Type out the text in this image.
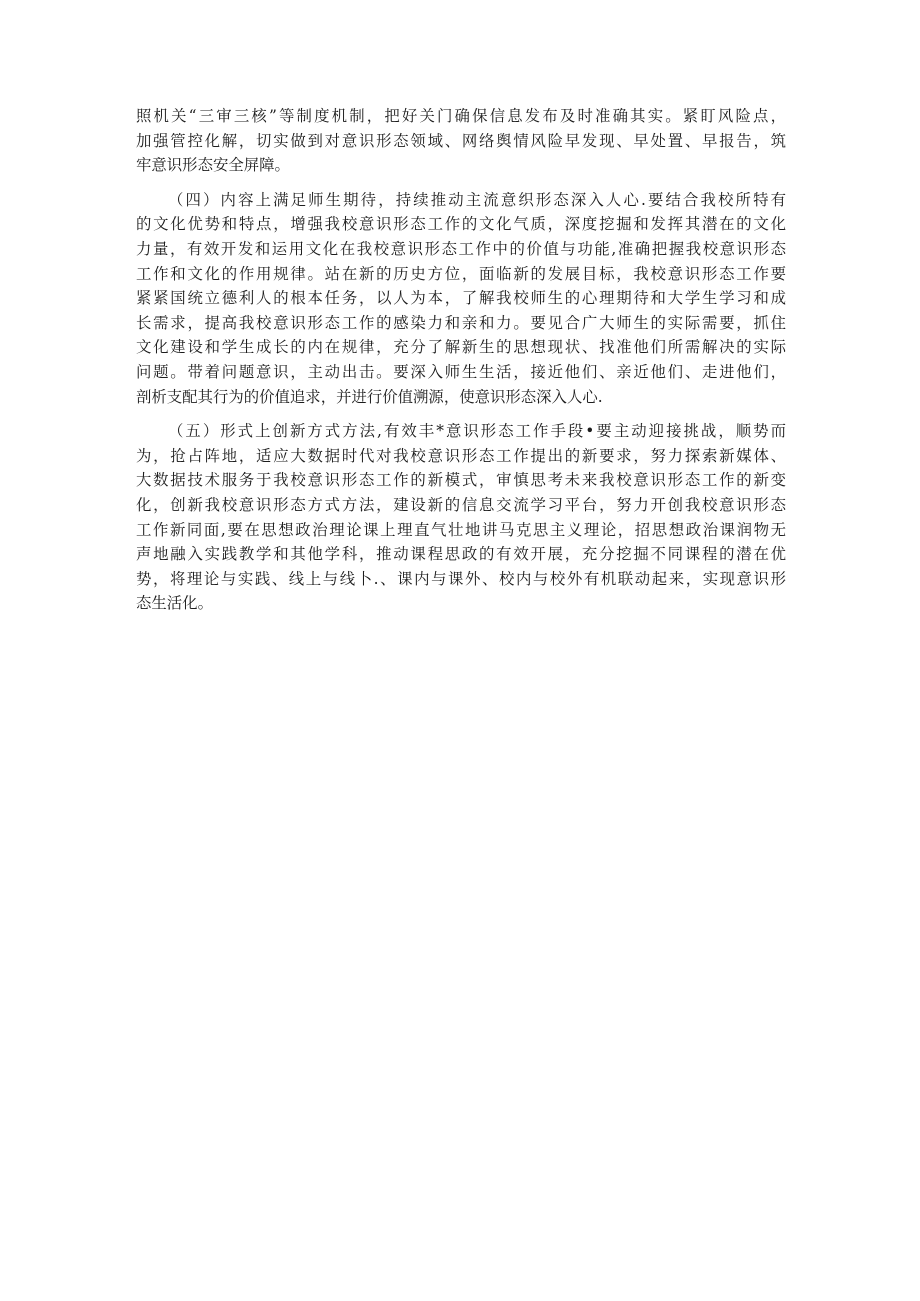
照机关“三审三核”等制度机制，把好关门确保信息发布及时准确其实。紧盯风险点，
加强管控化解，切实做到对意识形态领域、网络舆情风险早发现、早处置、早报告，筑
牢意识形态安全屏障。

（四）内容上满足师生期待，持续推动主流意织形态深入人心.要结合我校所特有
的文化优势和特点，增强我校意识形态工作的文化气质，深度挖掘和发挥其潜在的文化
力量，有效开发和运用文化在我校意识形态工作中的价值与功能,准确把握我校意识形态
工作和文化的作用规律。站在新的历史方位，面临新的发展目标，我校意识形态工作要
紧紧国统立德利人的根本任务，以人为本，了解我校师生的心理期待和大学生学习和成
长需求，提高我校意识形态工作的感染力和亲和力。要见合广大师生的实际需要，抓住
文化建设和学生成长的内在规律，充分了解新生的思想现状、找准他们所需解决的实际
问题。带着问题意识，主动出击。要深入师生生活，接近他们、亲近他们、走进他们，
剖析支配其行为的价值追求，并进行价值溯源，使意识形态深入人心.

（五）形式上创新方式方法,有效丰*意识形态工作手段•要主动迎接挑战，顺势而
为，抢占阵地，适应大数据时代对我校意识形态工作提出的新要求，努力探索新媒体、
大数据技术服务于我校意识形态工作的新模式，审慎思考未来我校意识形态工作的新变
化，创新我校意识形态方式方法，建设新的信息交流学习平台，努力开创我校意识形态
工作新同面,要在思想政治理论课上理直气壮地讲马克思主义理论，招思想政治课润物无
声地融入实践教学和其他学科，推动课程思政的有效开展，充分挖掘不同课程的潜在优
势，将理论与实践、线上与线卜.、课内与课外、校内与校外有机联动起来，实现意识形
态生活化。
